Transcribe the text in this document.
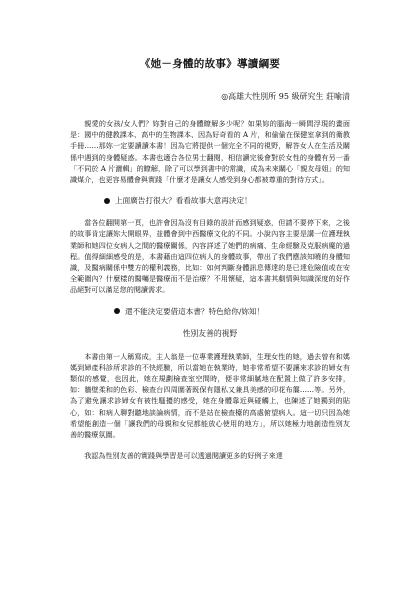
《她－身體的故事》導讀綱要
◎高雄大性別所 95 級研究生 莊喻清

親愛的女孩/女人們？妳對自己的身體瞭解多少呢？如果妳的腦海一瞬間浮現的畫面是：國中的健教課本、高中的生物課本、因為好奇看的 A 片，和偷偷在保健室拿到的衛教手冊……那妳一定要讀讀本書！因為它將提供一個完全不同的視野，解答女人在生活及關係中遇到的身體疑惑。本書也適合各位男士翻閱，相信讀完後會對於女性的身體有另一番「不同於 A 片灑輯」的瞭解，除了可以學到書中的常識，成為未來關心「親友母姐」的知識煤介，也更容易體會與實踐「什麼才是讓女人感受到身心都被尊重的對待方式」。

上面廣告打很大？看看故事大意再決定！

當各位翻開第一頁，也許會因為沒有目錄的設計而感到疑惑，但請不要停下來，之後的故事肯定讓妳大開眼界，並體會到中西醫療文化的不同。小說內容主要是講一位護理執業師和她四位女病人之間的醫療關係，內容詳述了她們的病痛、生命經驗及克服病魔的過程。值得細細感受的是，本書藉由這四位病人的身體故事，帶出了我們應該知曉的身體知識，及醫病關係中雙方的權利義務，比如：如何判斷身體訊息傳達的是已達危險值或在安全範圍內？什麼樣的醫囑是醫療而不是治療？不用懷疑，這本書其劇情與知識深度的好作品絕對可以滿足您的閱讀需求。

還不能決定要借這本書？特色給你/妳知！
性別友善的視野

本書由第一人稱寫成，主人翁是一位專業護理執業師，生理女性的她，過去曾有和媽媽到婦產科診所求診的不快經驗，所以當她在執業時，她非常希望不要讓來求診的婦女有類似的感覺，也因此，她在規劃檢查室空間時，便非常細膩地在配置上做了許多安排，如：牆壁柔和的色彩、檢查台四周圍著既保有隱私又兼具美感的印花布簾……等。另外，為了避免讓求診婦女有被性騷擾的感受，她在身體靠近與碰觸上，也陳述了她獨到的貼心，如：和病人聊對聽地談論病情，而不是站在檢查檯的高處俯望病人。這一切只因為她希望能創造一個「讓我們的母親和女兒都能放心使用的地方」，所以她極力地創造性別友善的醫療氛圍。

我認為性別友善的實踐與學習是可以透過閱讀更多的好例子來達
